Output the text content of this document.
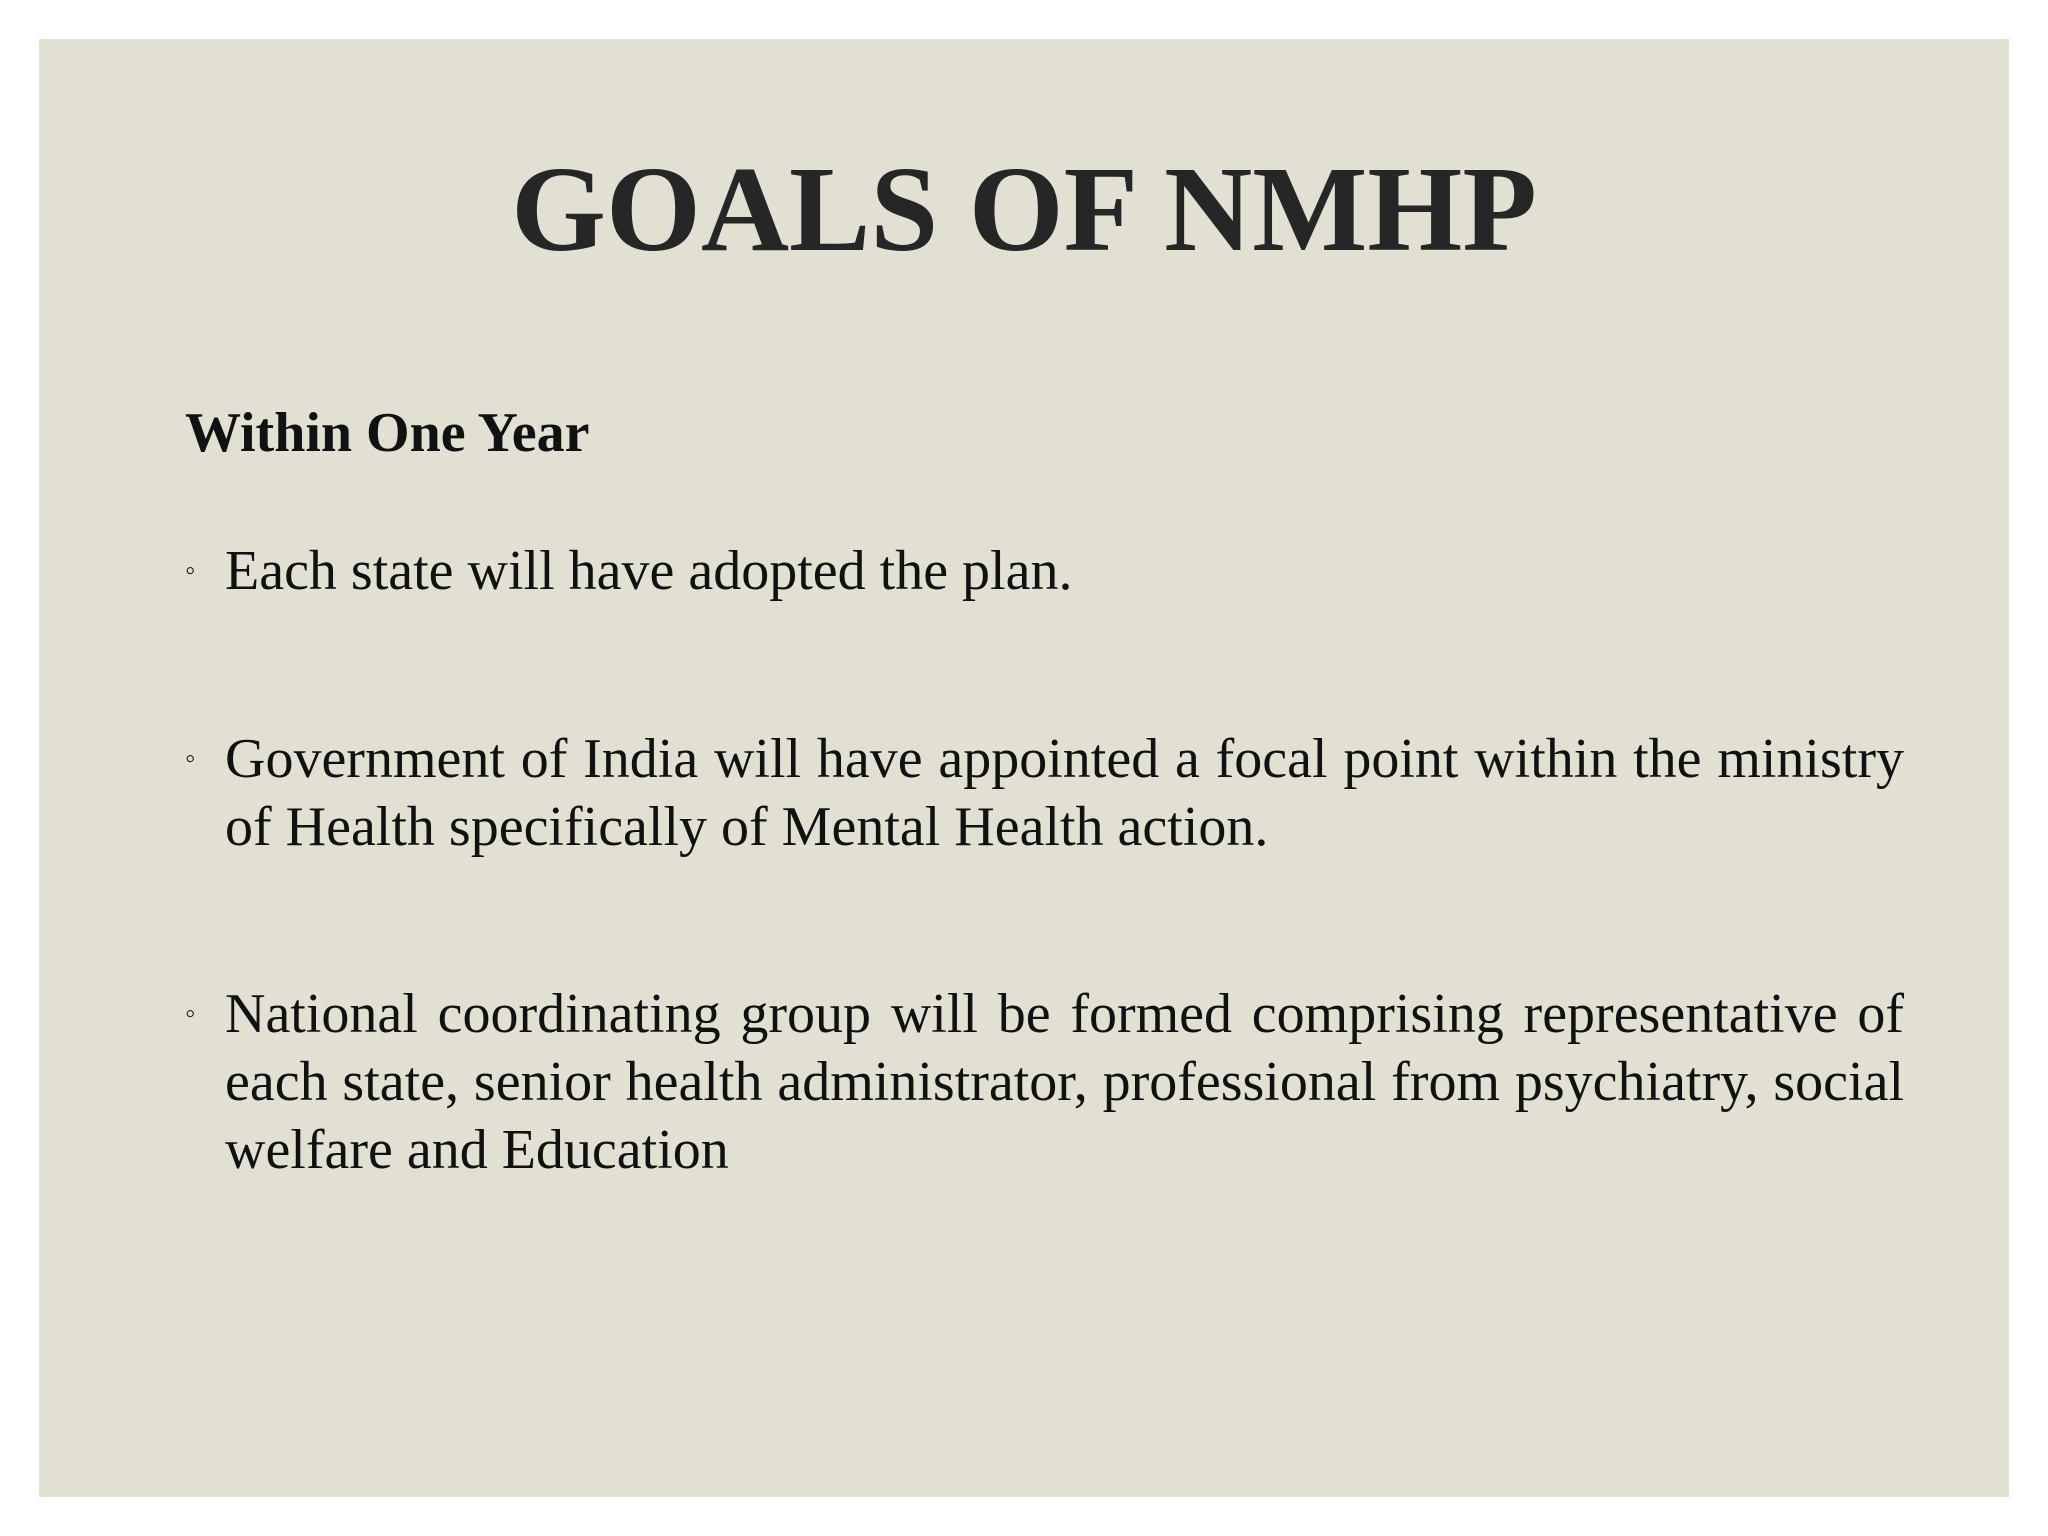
GOALS OF NMHP
Within One Year
◦ Each state will have adopted the plan.
◦ Government of India will have appointed a focal point within the ministry of Health specifically of Mental Health action.
◦ National coordinating group will be formed comprising representative of each state, senior health administrator, professional from psychiatry, social welfare and Education
